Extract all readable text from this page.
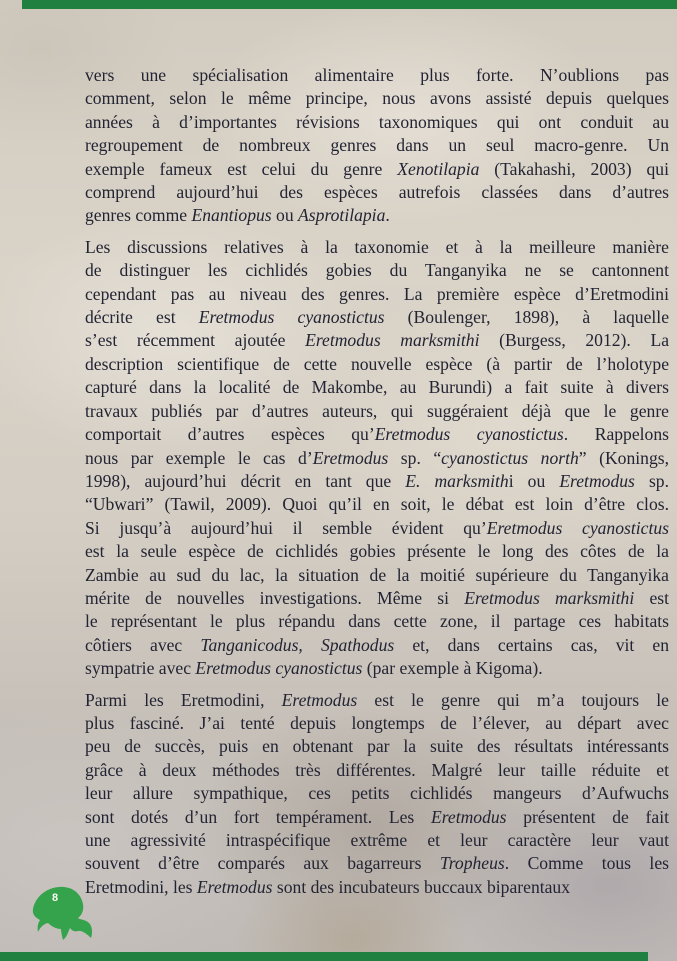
vers une spécialisation alimentaire plus forte. N’oublions pas
comment, selon le même principe, nous avons assisté depuis quelques
années à d’importantes révisions taxonomiques qui ont conduit au
regroupement de nombreux genres dans un seul macro-genre. Un
exemple fameux est celui du genre Xenotilapia (Takahashi, 2003) qui
comprend aujourd’hui des espèces autrefois classées dans d’autres
genres comme Enantiopus ou Asprotilapia.
Les discussions relatives à la taxonomie et à la meilleure manière
de distinguer les cichlidés gobies du Tanganyika ne se cantonnent
cependant pas au niveau des genres. La première espèce d’Eretmodini
décrite est Eretmodus cyanostictus (Boulenger, 1898), à laquelle
s’est récemment ajoutée Eretmodus marksmithi (Burgess, 2012). La
description scientifique de cette nouvelle espèce (à partir de l’holotype
capturé dans la localité de Makombe, au Burundi) a fait suite à divers
travaux publiés par d’autres auteurs, qui suggéraient déjà que le genre
comportait d’autres espèces qu’Eretmodus cyanostictus. Rappelons
nous par exemple le cas d’Eretmodus sp. “cyanostictus north” (Konings,
1998), aujourd’hui décrit en tant que E. marksmithi ou Eretmodus sp.
“Ubwari” (Tawil, 2009). Quoi qu’il en soit, le débat est loin d’être clos.
Si jusqu’à aujourd’hui il semble évident qu’Eretmodus cyanostictus
est la seule espèce de cichlidés gobies présente le long des côtes de la
Zambie au sud du lac, la situation de la moitié supérieure du Tanganyika
mérite de nouvelles investigations. Même si Eretmodus marksmithi est
le représentant le plus répandu dans cette zone, il partage ces habitats
côtiers avec Tanganicodus, Spathodus et, dans certains cas, vit en
sympatrie avec Eretmodus cyanostictus (par exemple à Kigoma).
Parmi les Eretmodini, Eretmodus est le genre qui m’a toujours le
plus fasciné. J’ai tenté depuis longtemps de l’élever, au départ avec
peu de succès, puis en obtenant par la suite des résultats intéressants
grâce à deux méthodes très différentes. Malgré leur taille réduite et
leur allure sympathique, ces petits cichlidés mangeurs d’Aufwuchs
sont dotés d’un fort tempérament. Les Eretmodus présentent de fait
une agressivité intraspécifique extrême et leur caractère leur vaut
souvent d’être comparés aux bagarreurs Tropheus. Comme tous les
Eretmodini, les Eretmodus sont des incubateurs buccaux biparentaux
8
